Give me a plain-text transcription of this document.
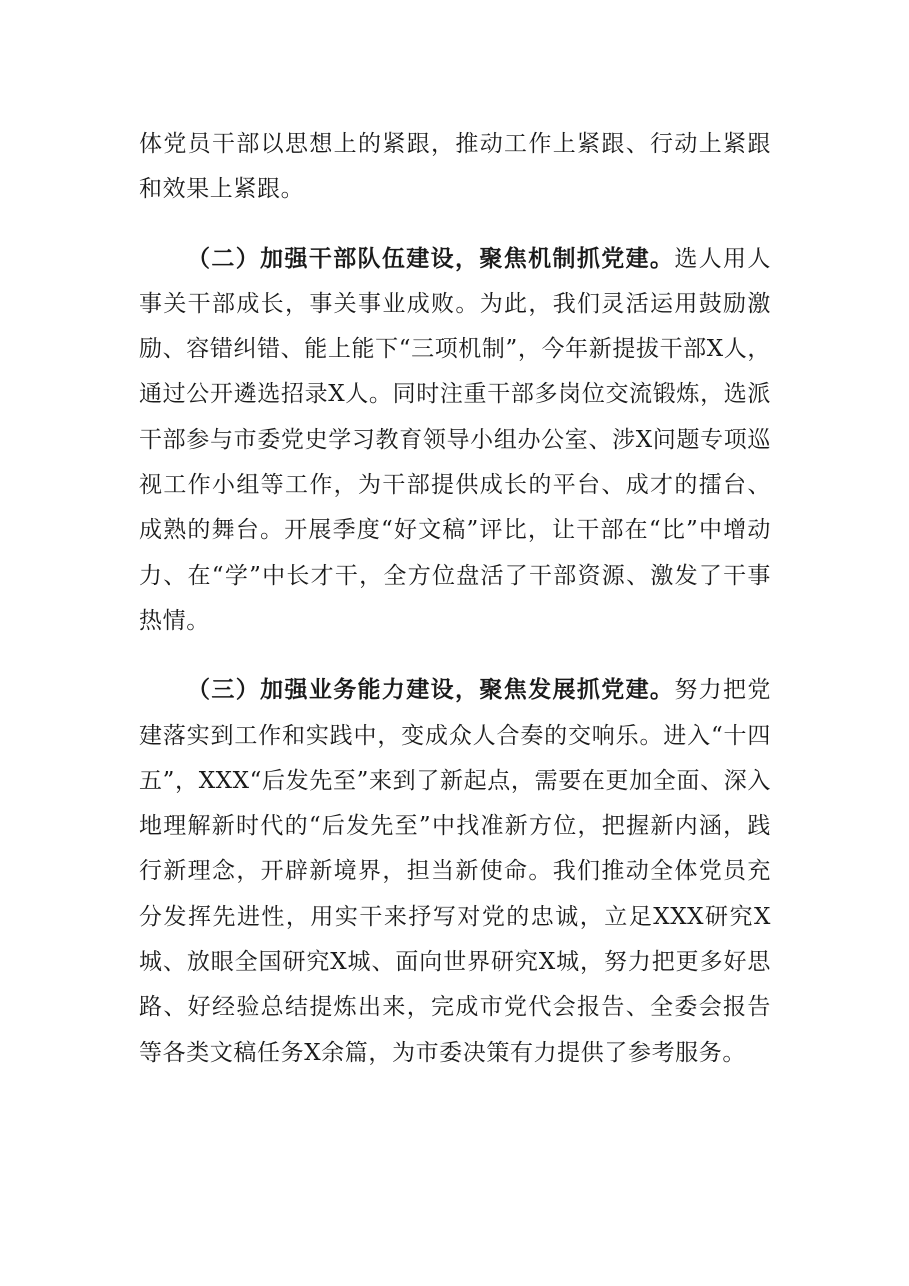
体党员干部以思想上的紧跟，推动工作上紧跟、行动上紧跟和效果上紧跟。

（二）加强干部队伍建设，聚焦机制抓党建。选人用人事关干部成长，事关事业成败。为此，我们灵活运用鼓励激励、容错纠错、能上能下“三项机制”，今年新提拔干部X人，通过公开遴选招录X人。同时注重干部多岗位交流锻炼，选派干部参与市委党史学习教育领导小组办公室、涉X问题专项巡视工作小组等工作，为干部提供成长的平台、成才的擂台、成熟的舞台。开展季度“好文稿”评比，让干部在“比”中增动力、在“学”中长才干，全方位盘活了干部资源、激发了干事热情。

（三）加强业务能力建设，聚焦发展抓党建。努力把党建落实到工作和实践中，变成众人合奏的交响乐。进入“十四五”，XXX“后发先至”来到了新起点，需要在更加全面、深入地理解新时代的“后发先至”中找准新方位，把握新内涵，践行新理念，开辟新境界，担当新使命。我们推动全体党员充分发挥先进性，用实干来抒写对党的忠诚，立足XXX研究X城、放眼全国研究X城、面向世界研究X城，努力把更多好思路、好经验总结提炼出来，完成市党代会报告、全委会报告等各类文稿任务X余篇，为市委决策有力提供了参考服务。
